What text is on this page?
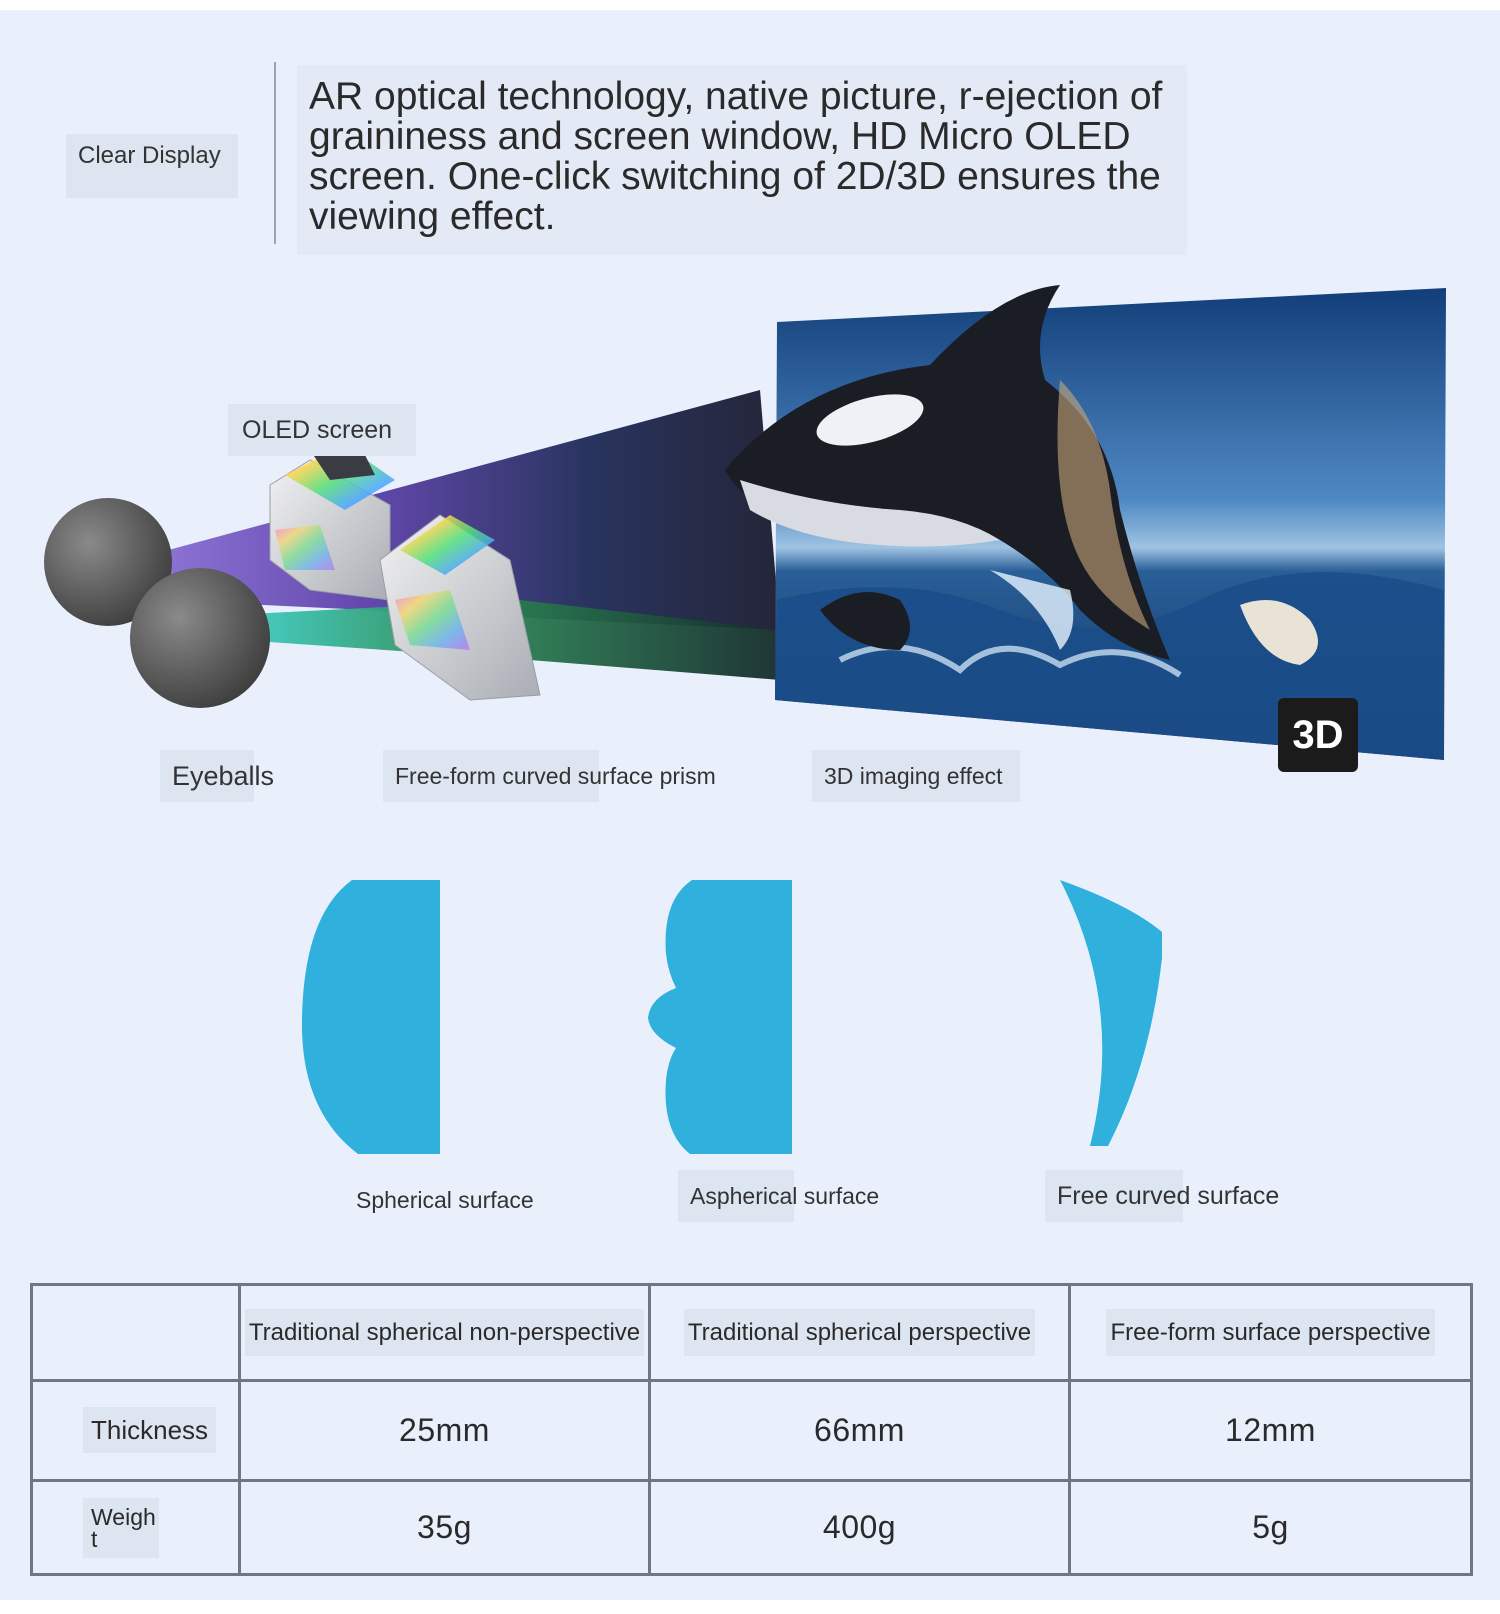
Clear Display
AR optical technology, native picture, r-ejection of graininess and screen window, HD Micro OLED screen. One-click switching of 2D/3D ensures the viewing effect.
3D
OLED screen
Eyeballs	Free-form curved surface prism	3D imaging effect
Spherical surface	Aspherical surface	Free curved surface
	Traditional spherical non-perspective	Traditional spherical perspective	Free-form surface perspective
Thickness	25mm	66mm	12mm
Weigh t	35g	400g	5g
